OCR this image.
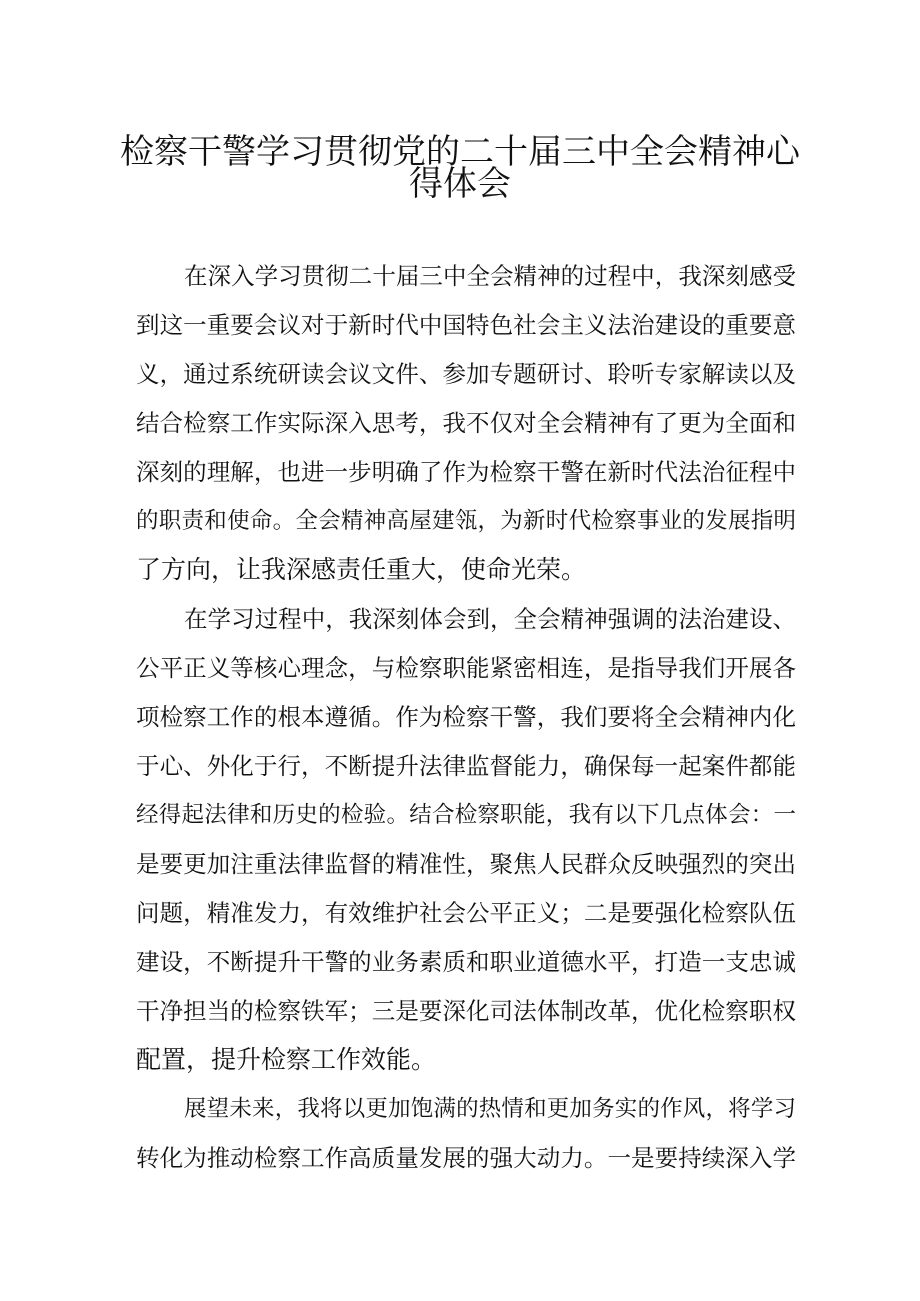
检察干警学习贯彻党的二十届三中全会精神心
得体会
在深入学习贯彻二十届三中全会精神的过程中，我深刻感受
到这一重要会议对于新时代中国特色社会主义法治建设的重要意
义，通过系统研读会议文件、参加专题研讨、聆听专家解读以及
结合检察工作实际深入思考，我不仅对全会精神有了更为全面和
深刻的理解，也进一步明确了作为检察干警在新时代法治征程中
的职责和使命。全会精神高屋建瓴，为新时代检察事业的发展指明
了方向，让我深感责任重大，使命光荣。
在学习过程中，我深刻体会到，全会精神强调的法治建设、
公平正义等核心理念，与检察职能紧密相连，是指导我们开展各
项检察工作的根本遵循。作为检察干警，我们要将全会精神内化
于心、外化于行，不断提升法律监督能力，确保每一起案件都能
经得起法律和历史的检验。结合检察职能，我有以下几点体会：一
是要更加注重法律监督的精准性，聚焦人民群众反映强烈的突出
问题，精准发力，有效维护社会公平正义；二是要强化检察队伍
建设，不断提升干警的业务素质和职业道德水平，打造一支忠诚
干净担当的检察铁军；三是要深化司法体制改革，优化检察职权
配置，提升检察工作效能。
展望未来，我将以更加饱满的热情和更加务实的作风，将学习
转化为推动检察工作高质量发展的强大动力。一是要持续深入学
